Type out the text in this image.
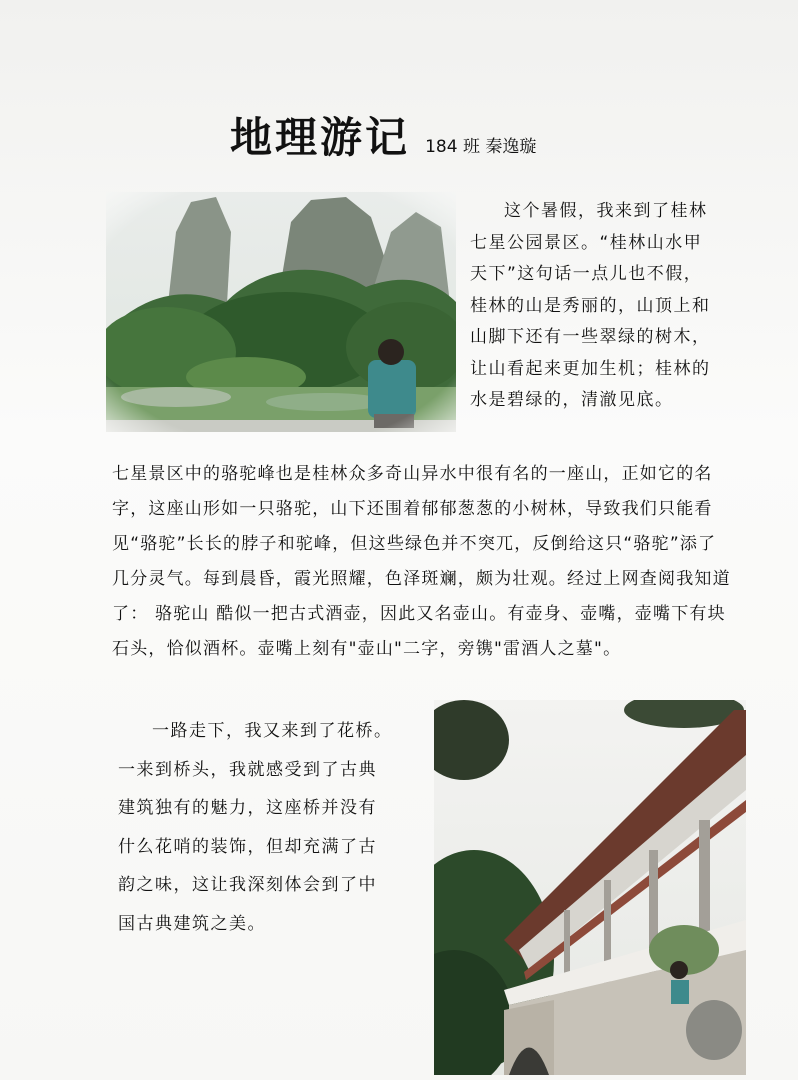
地理游记 184 班 秦逸璇

这个暑假，我来到了桂林七星公园景区。“桂林山水甲天下”这句话一点儿也不假，桂林的山是秀丽的，山顶上和山脚下还有一些翠绿的树木，让山看起来更加生机；桂林的水是碧绿的，清澈见底。

七星景区中的骆驼峰也是桂林众多奇山异水中很有名的一座山，正如它的名字，这座山形如一只骆驼，山下还围着郁郁葱葱的小树林，导致我们只能看见“骆驼”长长的脖子和驼峰，但这些绿色并不突兀，反倒给这只“骆驼”添了几分灵气。每到晨昏，霞光照耀，色泽斑斓，颇为壮观。经过上网查阅我知道了： 骆驼山 酷似一把古式酒壶，因此又名壶山。有壶身、壶嘴，壶嘴下有块石头，恰似酒杯。壶嘴上刻有"壶山"二字，旁镌"雷酒人之墓"。

一路走下，我又来到了花桥。一来到桥头，我就感受到了古典建筑独有的魅力，这座桥并没有什么花哨的装饰，但却充满了古韵之味，这让我深刻体会到了中国古典建筑之美。
